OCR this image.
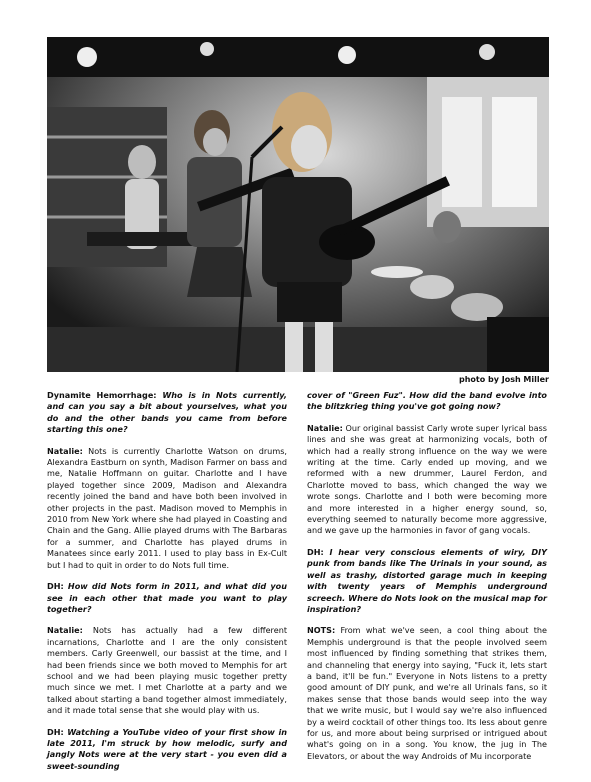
photo by Josh Miller

Dynamite Hemorrhage: Who is in Nots currently, and can you say a bit about yourselves, what you do and the other bands you came from before starting this one?

Natalie: Nots is currently Charlotte Watson on drums, Alexandra Eastburn on synth, Madison Farmer on bass and me, Natalie Hoffmann on guitar. Charlotte and I have played together since 2009, Madison and Alexandra recently joined the band and have both been involved in other projects in the past. Madison moved to Memphis in 2010 from New York where she had played in Coasting and Chain and the Gang. Allie played drums with The Barbaras for a summer, and Charlotte has played drums in Manatees since early 2011. I used to play bass in Ex-Cult but I had to quit in order to do Nots full time.

DH: How did Nots form in 2011, and what did you see in each other that made you want to play together?

Natalie: Nots has actually had a few different incarnations, Charlotte and I are the only consistent members. Carly Greenwell, our bassist at the time, and I had been friends since we both moved to Memphis for art school and we had been playing music together pretty much since we met. I met Charlotte at a party and we talked about starting a band together almost immediately, and it made total sense that she would play with us.

DH: Watching a YouTube video of your first show in late 2011, I'm struck by how melodic, surfy and jangly Nots were at the very start - you even did a sweet-sounding

cover of "Green Fuz". How did the band evolve into the blitzkrieg thing you've got going now?

Natalie: Our original bassist Carly wrote super lyrical bass lines and she was great at harmonizing vocals, both of which had a really strong influence on the way we were writing at the time. Carly ended up moving, and we reformed with a new drummer, Laurel Ferdon, and Charlotte moved to bass, which changed the way we wrote songs. Charlotte and I both were becoming more and more interested in a higher energy sound, so, everything seemed to naturally become more aggressive, and we gave up the harmonies in favor of gang vocals.

DH: I hear very conscious elements of wiry, DIY punk from bands like The Urinals in your sound, as well as trashy, distorted garage much in keeping with twenty years of Memphis underground screech. Where do Nots look on the musical map for inspiration?

NOTS: From what we've seen, a cool thing about the Memphis underground is that the people involved seem most influenced by finding something that strikes them, and channeling that energy into saying, "Fuck it, lets start a band, it'll be fun." Everyone in Nots listens to a pretty good amount of DIY punk, and we're all Urinals fans, so it makes sense that those bands would seep into the way that we write music, but I would say we're also influenced by a weird cocktail of other things too. Its less about genre for us, and more about being surprised or intrigued about what's going on in a song. You know, the jug in The Elevators, or about the way Androids of Mu incorporate
